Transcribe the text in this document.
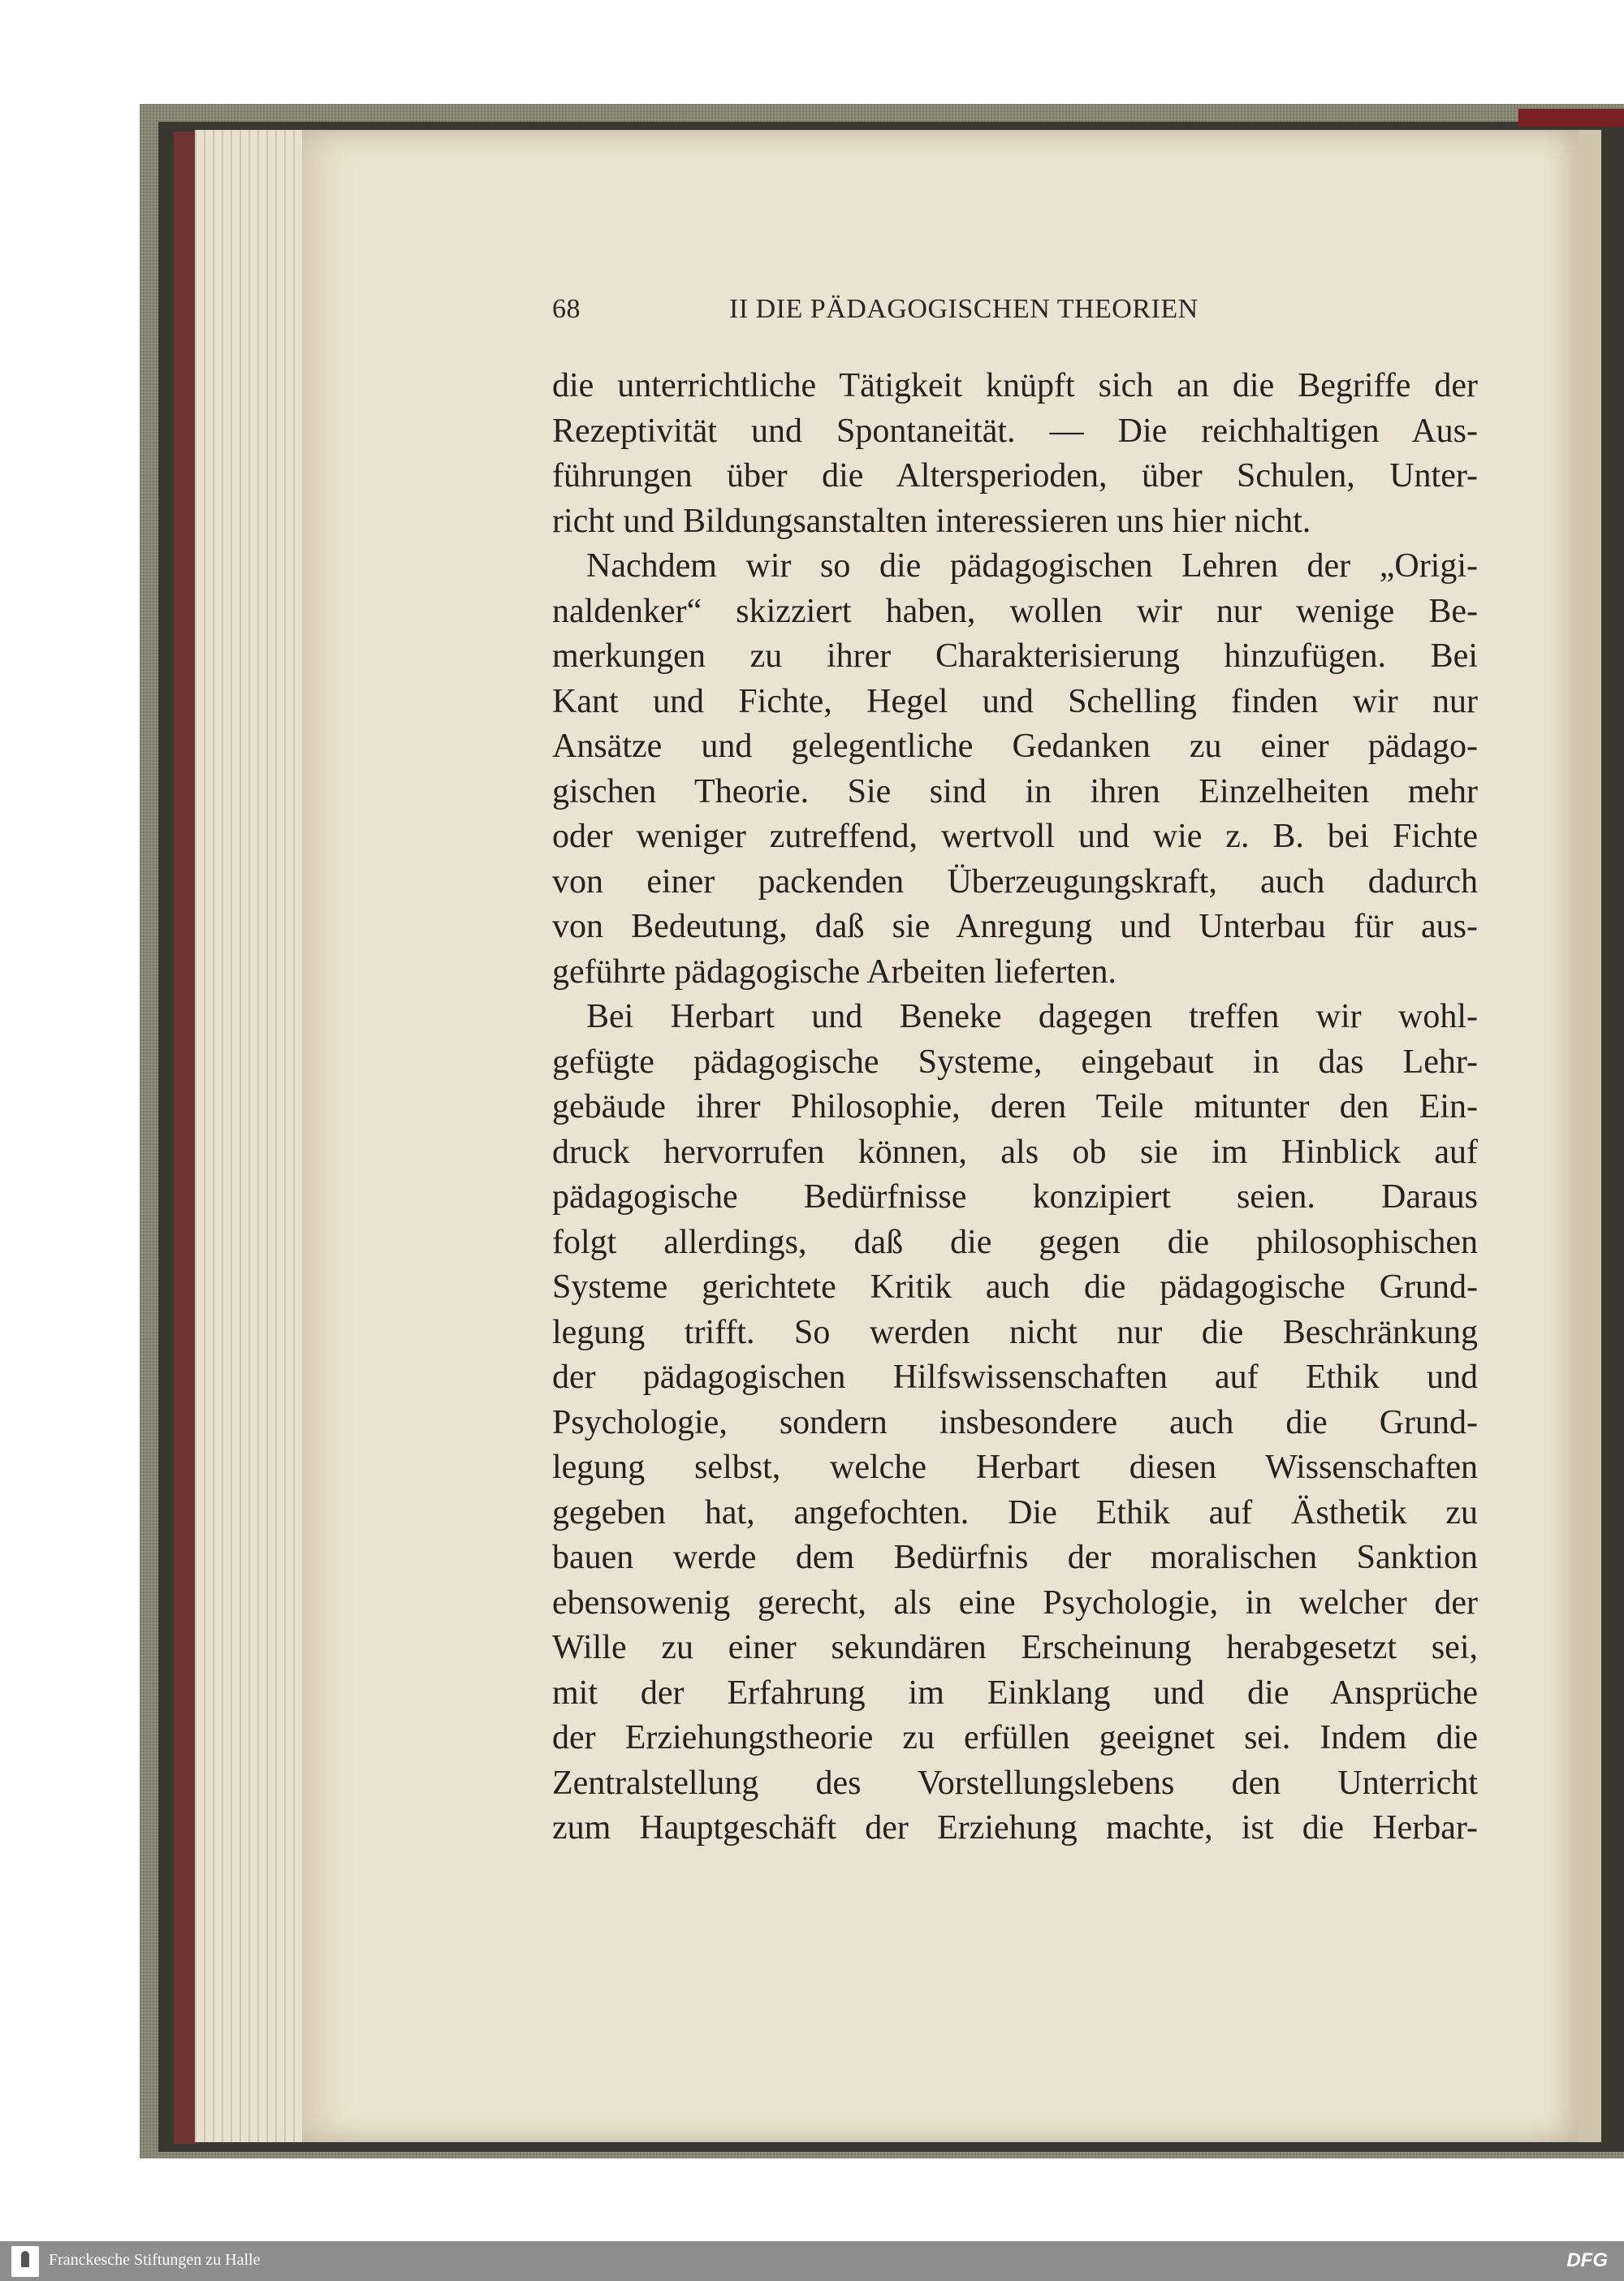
68	II DIE PÄDAGOGISCHEN THEORIEN
die unterrichtliche Tätigkeit knüpft sich an die Begriffe der
Rezeptivität und Spontaneität. — Die reichhaltigen Aus-
führungen über die Altersperioden, über Schulen, Unter-
richt und Bildungsanstalten interessieren uns hier nicht.
Nachdem wir so die pädagogischen Lehren der „Origi-
naldenker“ skizziert haben, wollen wir nur wenige Be-
merkungen zu ihrer Charakterisierung hinzufügen. Bei
Kant und Fichte, Hegel und Schelling finden wir nur
Ansätze und gelegentliche Gedanken zu einer pädago-
gischen Theorie. Sie sind in ihren Einzelheiten mehr
oder weniger zutreffend, wertvoll und wie z. B. bei Fichte
von einer packenden Überzeugungskraft, auch dadurch
von Bedeutung, daß sie Anregung und Unterbau für aus-
geführte pädagogische Arbeiten lieferten.
Bei Herbart und Beneke dagegen treffen wir wohl-
gefügte pädagogische Systeme, eingebaut in das Lehr-
gebäude ihrer Philosophie, deren Teile mitunter den Ein-
druck hervorrufen können, als ob sie im Hinblick auf
pädagogische Bedürfnisse konzipiert seien. Daraus
folgt allerdings, daß die gegen die philosophischen
Systeme gerichtete Kritik auch die pädagogische Grund-
legung trifft. So werden nicht nur die Beschränkung
der pädagogischen Hilfswissenschaften auf Ethik und
Psychologie, sondern insbesondere auch die Grund-
legung selbst, welche Herbart diesen Wissenschaften
gegeben hat, angefochten. Die Ethik auf Ästhetik zu
bauen werde dem Bedürfnis der moralischen Sanktion
ebensowenig gerecht, als eine Psychologie, in welcher der
Wille zu einer sekundären Erscheinung herabgesetzt sei,
mit der Erfahrung im Einklang und die Ansprüche
der Erziehungstheorie zu erfüllen geeignet sei. Indem die
Zentralstellung des Vorstellungslebens den Unterricht
zum Hauptgeschäft der Erziehung machte, ist die Herbar-
Franckesche Stiftungen zu Halle	DFG
